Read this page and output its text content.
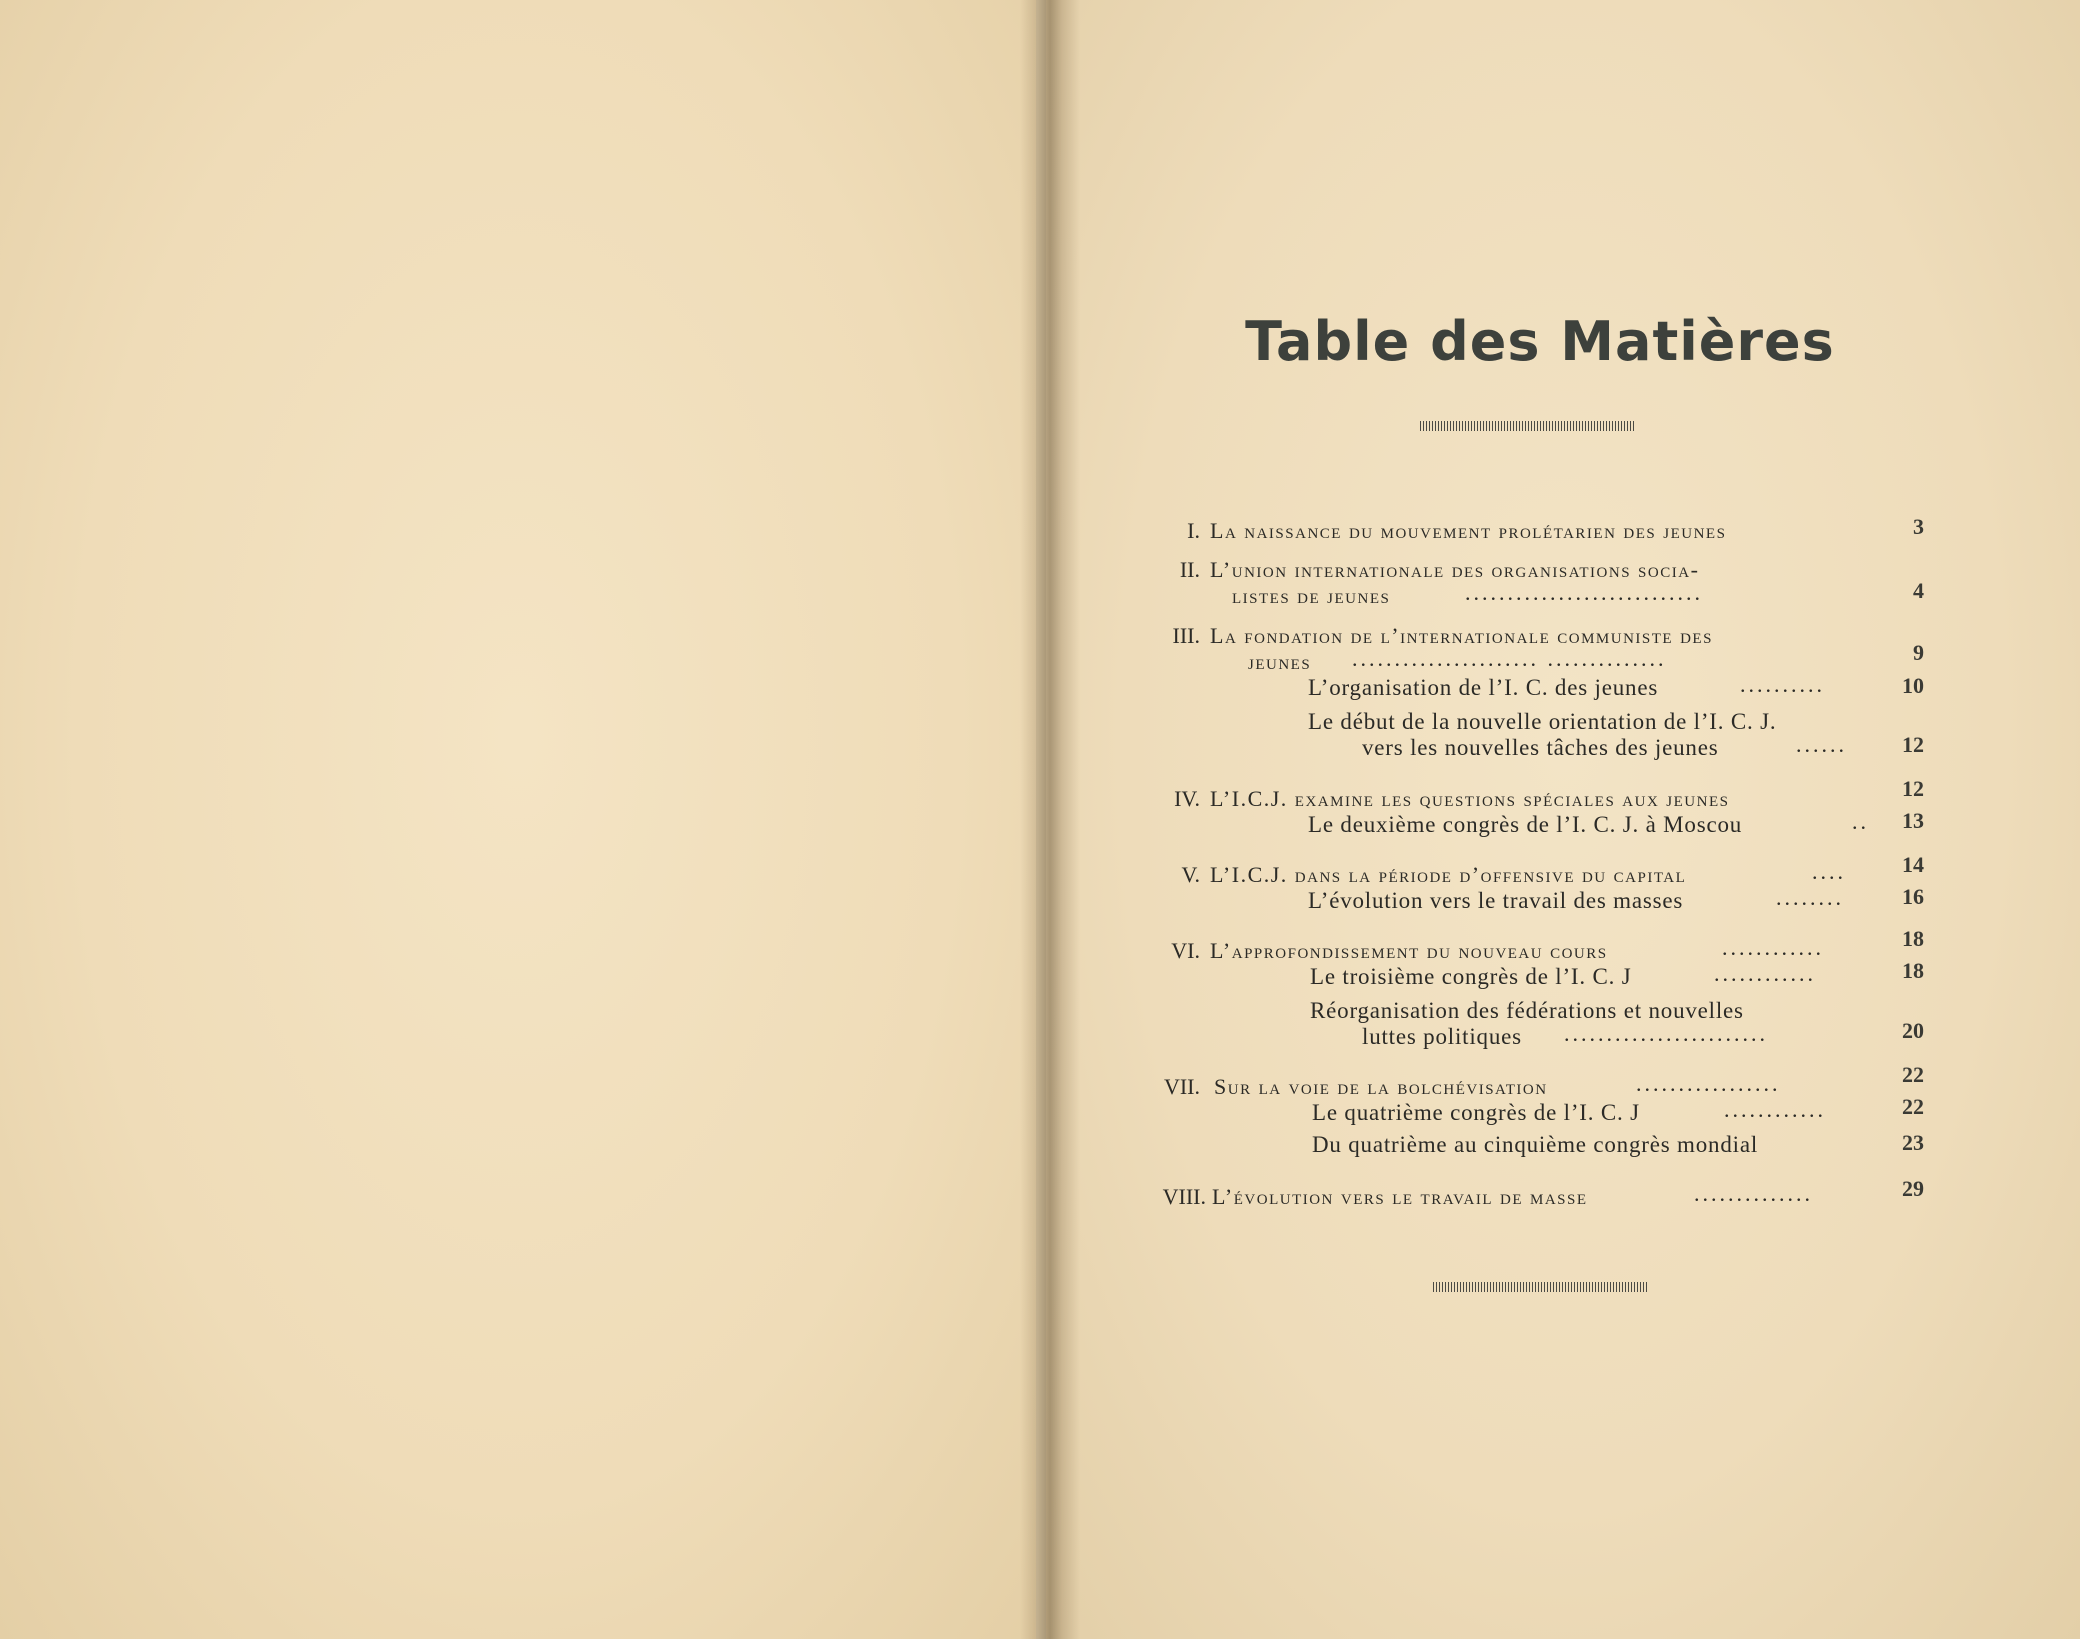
Table des Matières
I. La naissance du mouvement prolétarien des jeunes	3
II. L’union internationale des organisations socia-
listes de jeunes	............................	4
III. La fondation de l’internationale communiste des
jeunes	...................... ..............	9
L’organisation de l’I. C. des jeunes	..........	10
Le début de la nouvelle orientation de l’I. C. J.
vers les nouvelles tâches des jeunes	......	12
IV. L’I.C.J. examine les questions spéciales aux jeunes	12
Le deuxième congrès de l’I. C. J. à Moscou	..	13
V. L’I.C.J. dans la période d’offensive du capital	....	14
L’évolution vers le travail des masses	........	16
VI. L’approfondissement du nouveau cours	............	18
Le troisième congrès de l’I. C. J	............	18
Réorganisation des fédérations et nouvelles
luttes politiques	........................	20
VII. Sur la voie de la bolchévisation	.................	22
Le quatrième congrès de l’I. C. J	............	22
Du quatrième au cinquième congrès mondial	23
VIII. L’évolution vers le travail de masse	..............	29
